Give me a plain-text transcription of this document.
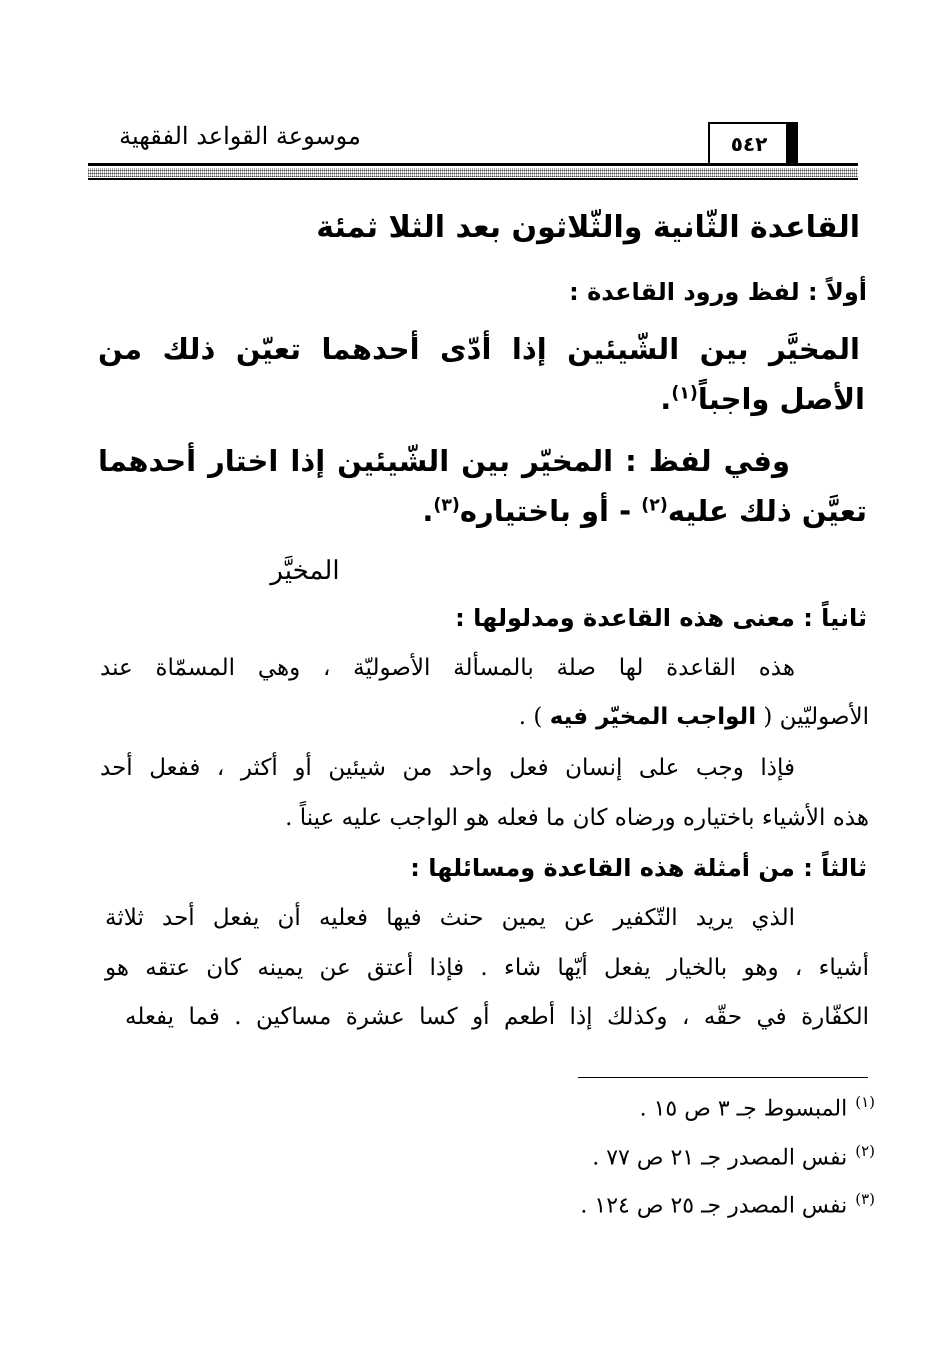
موسوعة القواعد الفقهية	٥٤٢
القاعدة الثّانية والثّلاثون بعد الثلا ثمئة
أولاً : لفظ ورود القاعدة :
المخيَّر بين الشّيئين إذا أدّى أحدهما تعيّن ذلك من
الأصل واجباً$^{(١)}$.
وفي لفظ : المخيّر بين الشّيئين إذا اختار أحدهما
تعيَّن ذلك عليه$^{(٢)}$ - أو باختياره$^{(٣)}$.
المخيَّر
ثانياً : معنى هذه القاعدة ومدلولها :
هذه القاعدة لها صلة بالمسألة الأصوليّة ، وهي المسمّاة عند
الأصوليّين ( الواجب المخيّر فيه ) .
فإذا وجب على إنسان فعل واحد من شيئين أو أكثر ، ففعل أحد
هذه الأشياء باختياره ورضاه كان ما فعله هو الواجب عليه عيناً .
ثالثاً : من أمثلة هذه القاعدة ومسائلها :
الذي يريد التّكفير عن يمين حنث فيها فعليه أن يفعل أحد ثلاثة
أشياء ، وهو بالخيار يفعل أيّها شاء . فإذا أعتق عن يمينه كان عتقه هو
الكفّارة في حقّه ، وكذلك إذا أطعم أو كسا عشرة مساكين . فما يفعله
$^{(١)}$المبسوط جـ ٣ ص ١٥ .
$^{(٢)}$نفس المصدر جـ ٢١ ص ٧٧ .
$^{(٣)}$نفس المصدر جـ ٢٥ ص ١٢٤ .
